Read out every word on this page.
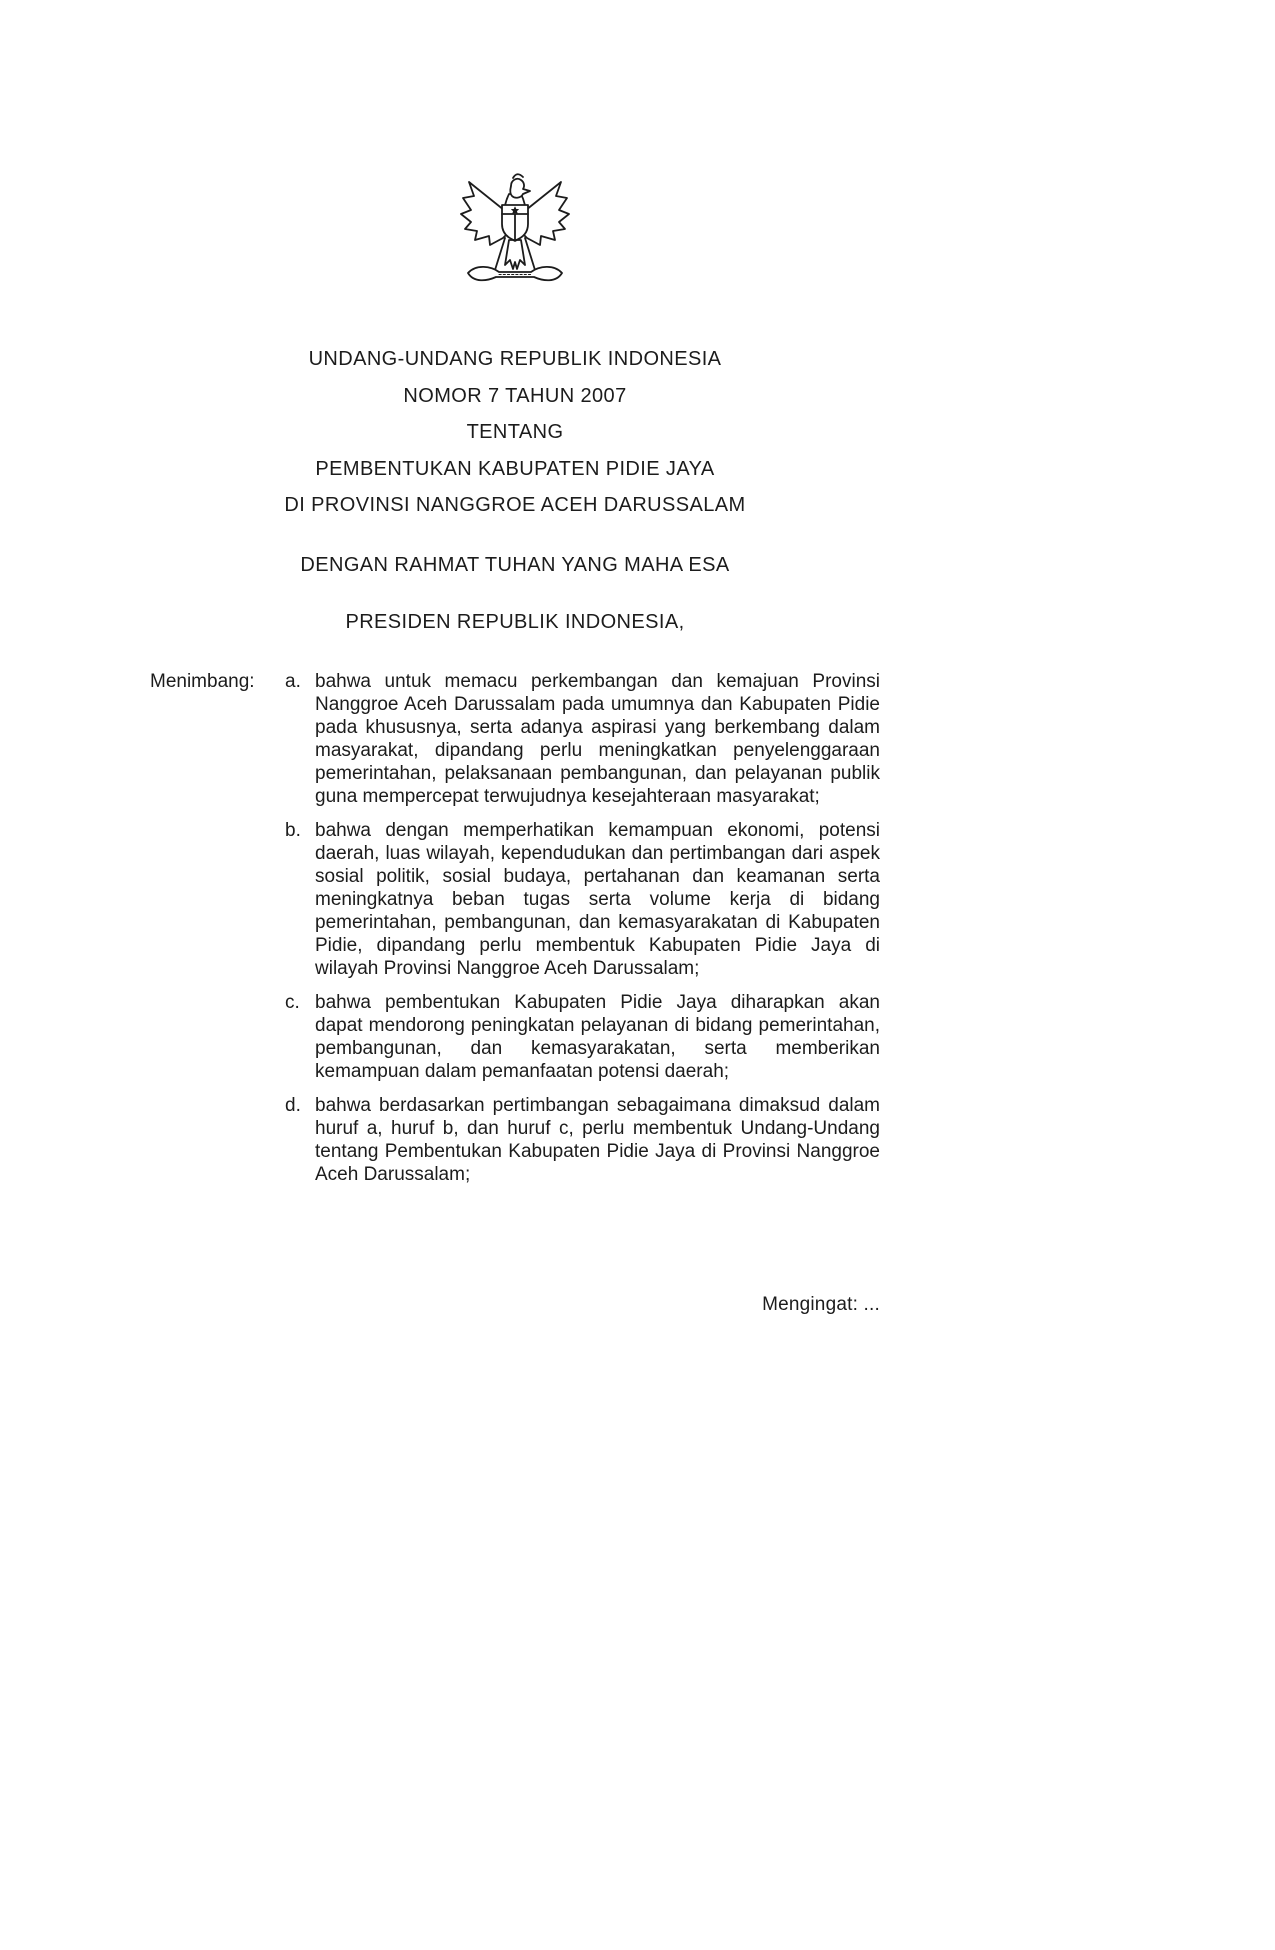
UNDANG-UNDANG REPUBLIK INDONESIA
NOMOR 7 TAHUN 2007
TENTANG
PEMBENTUKAN KABUPATEN PIDIE JAYA
DI PROVINSI NANGGROE ACEH DARUSSALAM
DENGAN RAHMAT TUHAN YANG MAHA ESA
PRESIDEN REPUBLIK INDONESIA,
Menimbang:	a. bahwa untuk memacu perkembangan dan kemajuan Provinsi Nanggroe Aceh Darussalam pada umumnya dan Kabupaten Pidie pada khususnya, serta adanya aspirasi yang berkembang dalam masyarakat, dipandang perlu meningkatkan penyelenggaraan pemerintahan, pelaksanaan pembangunan, dan pelayanan publik guna mempercepat terwujudnya kesejahteraan masyarakat;
b. bahwa dengan memperhatikan kemampuan ekonomi, potensi daerah, luas wilayah, kependudukan dan pertimbangan dari aspek sosial politik, sosial budaya, pertahanan dan keamanan serta meningkatnya beban tugas serta volume kerja di bidang pemerintahan, pembangunan, dan kemasyarakatan di Kabupaten Pidie, dipandang perlu membentuk Kabupaten Pidie Jaya di wilayah Provinsi Nanggroe Aceh Darussalam;
c. bahwa pembentukan Kabupaten Pidie Jaya diharapkan akan dapat mendorong peningkatan pelayanan di bidang pemerintahan, pembangunan, dan kemasyarakatan, serta memberikan kemampuan dalam pemanfaatan potensi daerah;
d. bahwa berdasarkan pertimbangan sebagaimana dimaksud dalam huruf a, huruf b, dan huruf c, perlu membentuk Undang-Undang tentang Pembentukan Kabupaten Pidie Jaya di Provinsi Nanggroe Aceh Darussalam;
Mengingat: ...
